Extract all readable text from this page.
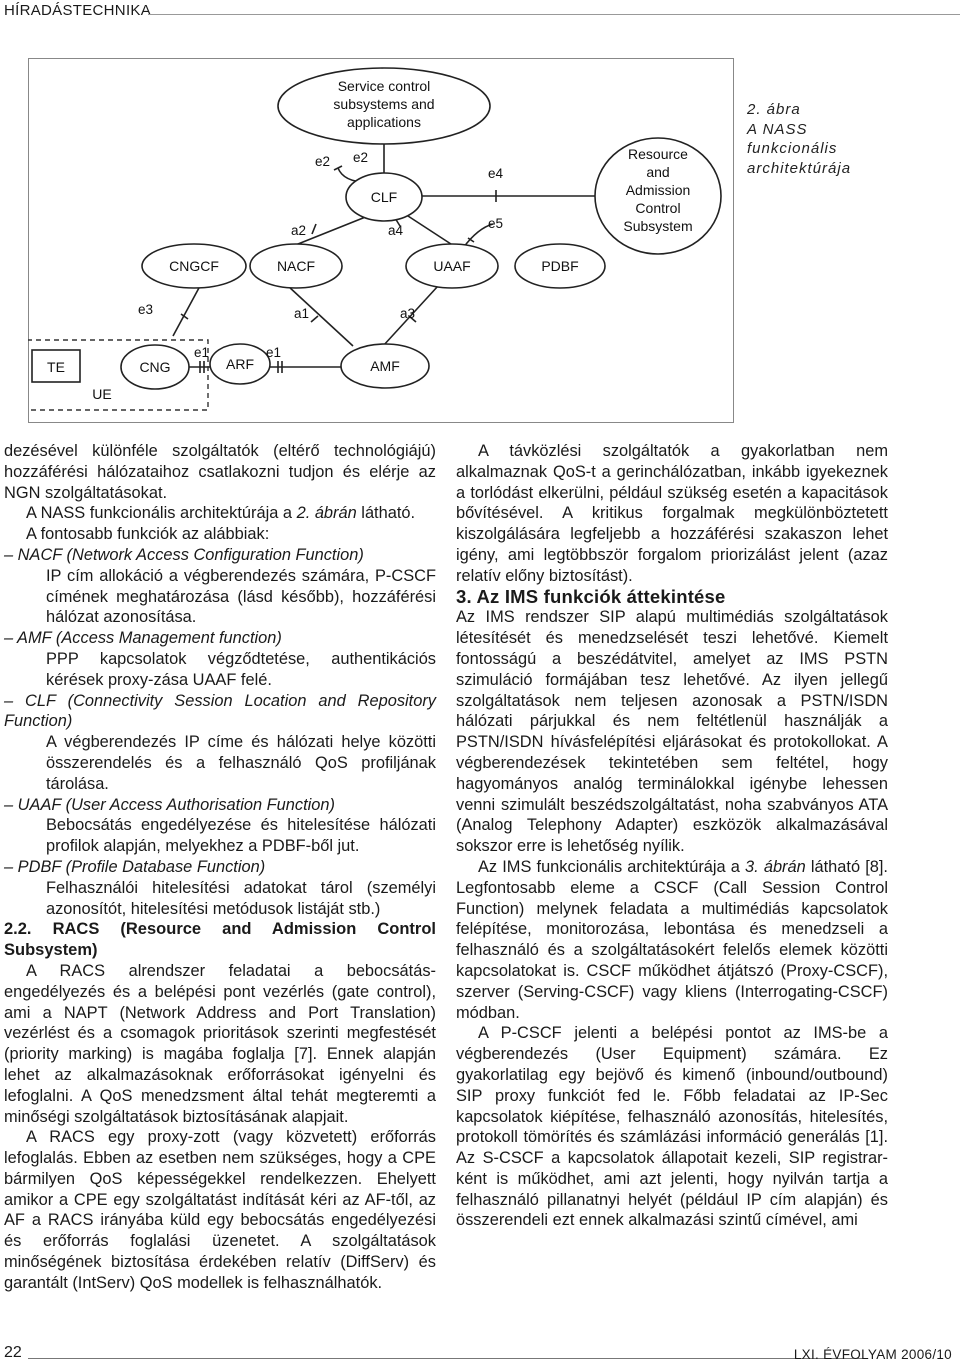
HÍRADÁSTECHNIKA
Service control
subsystems and
applications
Resource
and
Admission
Control
Subsystem
CLF
CNGCF	NACF	UAAF	PDBF
AMF
TE	CNG	ARF
UE
e2 e2
e4
e5
a2	a4
e3	a1	a3
e1	e1
2. ábra
A NASS
funkcionális
architektúrája

dezésével különféle szolgáltatók (eltérő technológiájú) hozzáférési hálózataihoz csatlakozni tudjon és elérje az NGN szolgáltatásokat.

A NASS funkcionális architektúrája a 2. ábrán látható.

A fontosabb funkciók az alábbiak:

– NACF (Network Access Configuration Function)

IP cím allokáció a végberendezés számára, P-CSCF címének meghatározása (lásd később), hozzáférési hálózat azonosítása.

– AMF (Access Management function)

PPP kapcsolatok végződtetése, authentikációs kérések proxy-zása UAAF felé.

– CLF (Connectivity Session Location and Repository Function)

A végberendezés IP címe és hálózati helye közötti összerendelés és a felhasználó QoS profiljának tárolása.

– UAAF (User Access Authorisation Function)

Bebocsátás engedélyezése és hitelesítése hálózati profilok alapján, melyekhez a PDBF-ből jut.

– PDBF (Profile Database Function)

Felhasználói hitelesítési adatokat tárol (személyi azonosítót, hitelesítési metódusok listáját stb.)

2.2. RACS (Resource and Admission Control Subsystem)

A RACS alrendszer feladatai a bebocsátás-engedélyezés és a belépési pont vezérlés (gate control), ami a NAPT (Network Address and Port Translation) vezérlést és a csomagok prioritások szerinti megfestését (priority marking) is magába foglalja [7]. Ennek alapján lehet az alkalmazásoknak erőforrásokat igényelni és lefoglalni. A QoS menedzsment által tehát megteremti a minőségi szolgáltatások biztosításának alapjait.

A RACS egy proxy-zott (vagy közvetett) erőforrás lefoglalás. Ebben az esetben nem szükséges, hogy a CPE bármilyen QoS képességekkel rendelkezzen. Ehelyett amikor a CPE egy szolgáltatást indítását kéri az AF-től, az AF a RACS irányába küld egy bebocsátás engedélyezési és erőforrás foglalási üzenetet. A szolgáltatások minőségének biztosítása érdekében relatív (DiffServ) és garantált (IntServ) QoS modellek is felhasználhatók.

A távközlési szolgáltatók a gyakorlatban nem alkalmaznak QoS-t a gerinchálózatban, inkább igyekeznek a torlódást elkerülni, például szükség esetén a kapacitások bővítésével. A kritikus forgalmak megkülönböztetett kiszolgálására legfeljebb a hozzáférési szakaszon lehet igény, ami legtöbbször forgalom priorizálást jelent (azaz relatív előny biztosítást).

3. Az IMS funkciók áttekintése

Az IMS rendszer SIP alapú multimédiás szolgáltatások létesítését és menedzselését teszi lehetővé. Kiemelt fontosságú a beszédátvitel, amelyet az IMS PSTN szimuláció formájában tesz lehetővé. Az ilyen jellegű szolgáltatások nem teljesen azonosak a PSTN/ISDN hálózati párjukkal és nem feltétlenül használják a PSTN/ISDN hívásfelépítési eljárásokat és protokollokat. A végberendezések tekintetében sem feltétel, hogy hagyományos analóg terminálokkal igénybe lehessen venni szimulált beszédszolgáltatást, noha szabványos ATA (Analog Telephony Adapter) eszközök alkalmazásával sokszor erre is lehetőség nyílik.

Az IMS funkcionális architektúrája a 3. ábrán látható [8]. Legfontosabb eleme a CSCF (Call Session Control Function) melynek feladata a multimédiás kapcsolatok felépítése, monitorozása, lebontása és menedzseli a felhasználó és a szolgáltatásokért felelős elemek közötti kapcsolatokat is. CSCF működhet átjátszó (Proxy-CSCF), szerver (Serving-CSCF) vagy kliens (Interrogating-CSCF) módban.

A P-CSCF jelenti a belépési pontot az IMS-be a végberendezés (User Equipment) számára. Ez gyakorlatilag egy bejövő és kimenő (inbound/outbound) SIP proxy funkciót fed le. Főbb feladatai az IP-Sec kapcsolatok kiépítése, felhasználó azonosítás, hitelesítés, protokoll tömörítés és számlázási információ generálás [1]. Az S-CSCF a kapcsolatok állapotait kezeli, SIP registrar-ként is működhet, ami azt jelenti, hogy nyilván tartja a felhasználó pillanatnyi helyét (például IP cím alapján) és összerendeli ezt ennek alkalmazási szintű címével, ami

22	LXI. ÉVFOLYAM 2006/10
